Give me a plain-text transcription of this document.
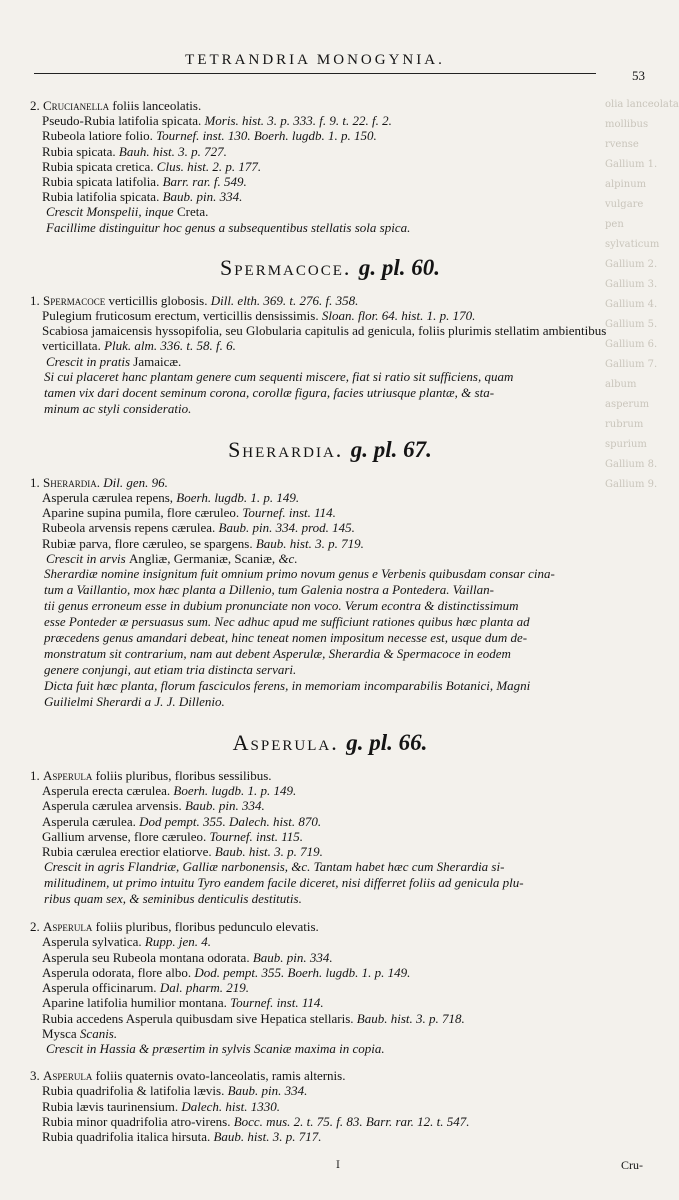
TETRANDRIA MONOGYNIA.
53
olia lanceolata
mollibus
rvense
Gallium 1.
alpinum
vulgare
pen
sylvaticum
Gallium 2.
Gallium 3.
Gallium 4.
Gallium 5.
Gallium 6.
Gallium 7.
album
asperum
rubrum
spurium
Gallium 8.
Gallium 9.
2. Crucianella foliis lanceolatis.
Pseudo-Rubia latifolia spicata. Moris. hist. 3. p. 333. f. 9. t. 22. f. 2.
Rubeola latiore folio. Tournef. inst. 130. Boerh. lugdb. 1. p. 150.
Rubia spicata. Bauh. hist. 3. p. 727.
Rubia spicata cretica. Clus. hist. 2. p. 177.
Rubia spicata latifolia. Barr. rar. f. 549.
Rubia latifolia spicata. Baub. pin. 334.
Crescit Monspelii, inque Creta.
Facillime distinguitur hoc genus a subsequentibus stellatis sola spica.
Spermacoce. g. pl. 60.
1. Spermacoce verticillis globosis. Dill. elth. 369. t. 276. f. 358.
Pulegium fruticosum erectum, verticillis densissimis. Sloan. flor. 64. hist. 1. p. 170.
Scabiosa jamaicensis hyssopifolia, seu Globularia capitulis ad genicula, foliis plurimis stellatim ambientibus
verticillata. Pluk. alm. 336. t. 58. f. 6.
Crescit in pratis Jamaicæ.
Si cui placeret hanc plantam genere cum sequenti miscere, fiat si ratio sit sufficiens, quam
tamen vix dari docent seminum corona, corollæ figura, facies utriusque plantæ, & sta-
minum ac styli consideratio.
Sherardia. g. pl. 67.
1. Sherardia. Dil. gen. 96.
Asperula cærulea repens, Boerh. lugdb. 1. p. 149.
Aparine supina pumila, flore cæruleo. Tournef. inst. 114.
Rubeola arvensis repens cærulea. Baub. pin. 334. prod. 145.
Rubiæ parva, flore cæruleo, se spargens. Baub. hist. 3. p. 719.
Crescit in arvis Angliæ, Germaniæ, Scaniæ, &c.
Sherardiæ nomine insignitum fuit omnium primo novum genus e Verbenis quibusdam consar cina-
tum a Vaillantio, mox hæc planta a Dillenio, tum Galenia nostra a Pontedera. Vaillan-
tii genus erroneum esse in dubium pronunciate non voco. Verum econtra & distinctissimum
esse Ponteder æ persuasus sum. Nec adhuc apud me sufficiunt rationes quibus hæc planta ad
præcedens genus amandari debeat, hinc teneat nomen impositum necesse est, usque dum de-
monstratum sit contrarium, nam aut debent Asperulæ, Sherardia & Spermacoce in eodem
genere conjungi, aut etiam tria distincta servari.
Dicta fuit hæc planta, florum fasciculos ferens, in memoriam incomparabilis Botanici, Magni
Guilielmi Sherardi a J. J. Dillenio.
Asperula. g. pl. 66.
1. Asperula foliis pluribus, floribus sessilibus.
Asperula erecta cærulea. Boerh. lugdb. 1. p. 149.
Asperula cærulea arvensis. Baub. pin. 334.
Asperula cærulea. Dod pempt. 355. Dalech. hist. 870.
Gallium arvense, flore cæruleo. Tournef. inst. 115.
Rubia cærulea erectior elatiorve. Baub. hist. 3. p. 719.
Crescit in agris Flandriæ, Galliæ narbonensis, &c. Tantam habet hæc cum Sherardia si-
militudinem, ut primo intuitu Tyro eandem facile diceret, nisi differret foliis ad genicula plu-
ribus quam sex, & seminibus denticulis destitutis.
2. Asperula foliis pluribus, floribus pedunculo elevatis.
Asperula sylvatica. Rupp. jen. 4.
Asperula seu Rubeola montana odorata. Baub. pin. 334.
Asperula odorata, flore albo. Dod. pempt. 355. Boerh. lugdb. 1. p. 149.
Asperula officinarum. Dal. pharm. 219.
Aparine latifolia humilior montana. Tournef. inst. 114.
Rubia accedens Asperula quibusdam sive Hepatica stellaris. Baub. hist. 3. p. 718.
Mysca Scanis.
Crescit in Hassia & præsertim in sylvis Scaniæ maxima in copia.
3. Asperula foliis quaternis ovato-lanceolatis, ramis alternis.
Rubia quadrifolia & latifolia lævis. Baub. pin. 334.
Rubia lævis taurinensium. Dalech. hist. 1330.
Rubia minor quadrifolia atro-virens. Bocc. mus. 2. t. 75. f. 83. Barr. rar. 12. t. 547.
Rubia quadrifolia italica hirsuta. Baub. hist. 3. p. 717.
I	Cru-
